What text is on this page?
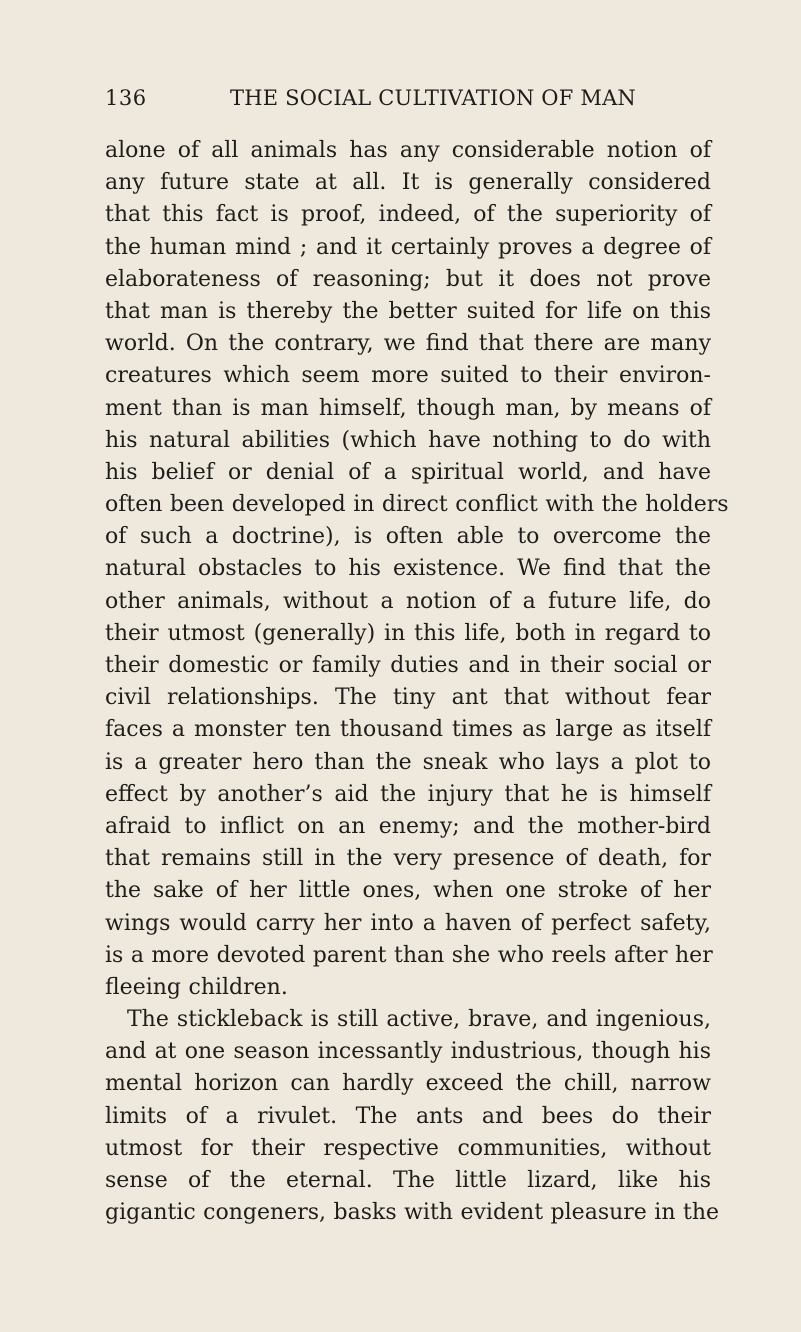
136	THE SOCIAL CULTIVATION OF MAN
alone of all animals has any considerable notion of
any future state at all. It is generally considered
that this fact is proof, indeed, of the superiority of
the human mind ; and it certainly proves a degree of
elaborateness of reasoning; but it does not prove
that man is thereby the better suited for life on this
world. On the contrary, we find that there are many
creatures which seem more suited to their environ-
ment than is man himself, though man, by means of
his natural abilities (which have nothing to do with
his belief or denial of a spiritual world, and have
often been developed in direct conflict with the holders
of such a doctrine), is often able to overcome the
natural obstacles to his existence. We find that the
other animals, without a notion of a future life, do
their utmost (generally) in this life, both in regard to
their domestic or family duties and in their social or
civil relationships. The tiny ant that without fear
faces a monster ten thousand times as large as itself
is a greater hero than the sneak who lays a plot to
effect by another’s aid the injury that he is himself
afraid to inflict on an enemy; and the mother-bird
that remains still in the very presence of death, for
the sake of her little ones, when one stroke of her
wings would carry her into a haven of perfect safety,
is a more devoted parent than she who reels after her
fleeing children.
The stickleback is still active, brave, and ingenious,
and at one season incessantly industrious, though his
mental horizon can hardly exceed the chill, narrow
limits of a rivulet. The ants and bees do their
utmost for their respective communities, without
sense of the eternal. The little lizard, like his
gigantic congeners, basks with evident pleasure in the
